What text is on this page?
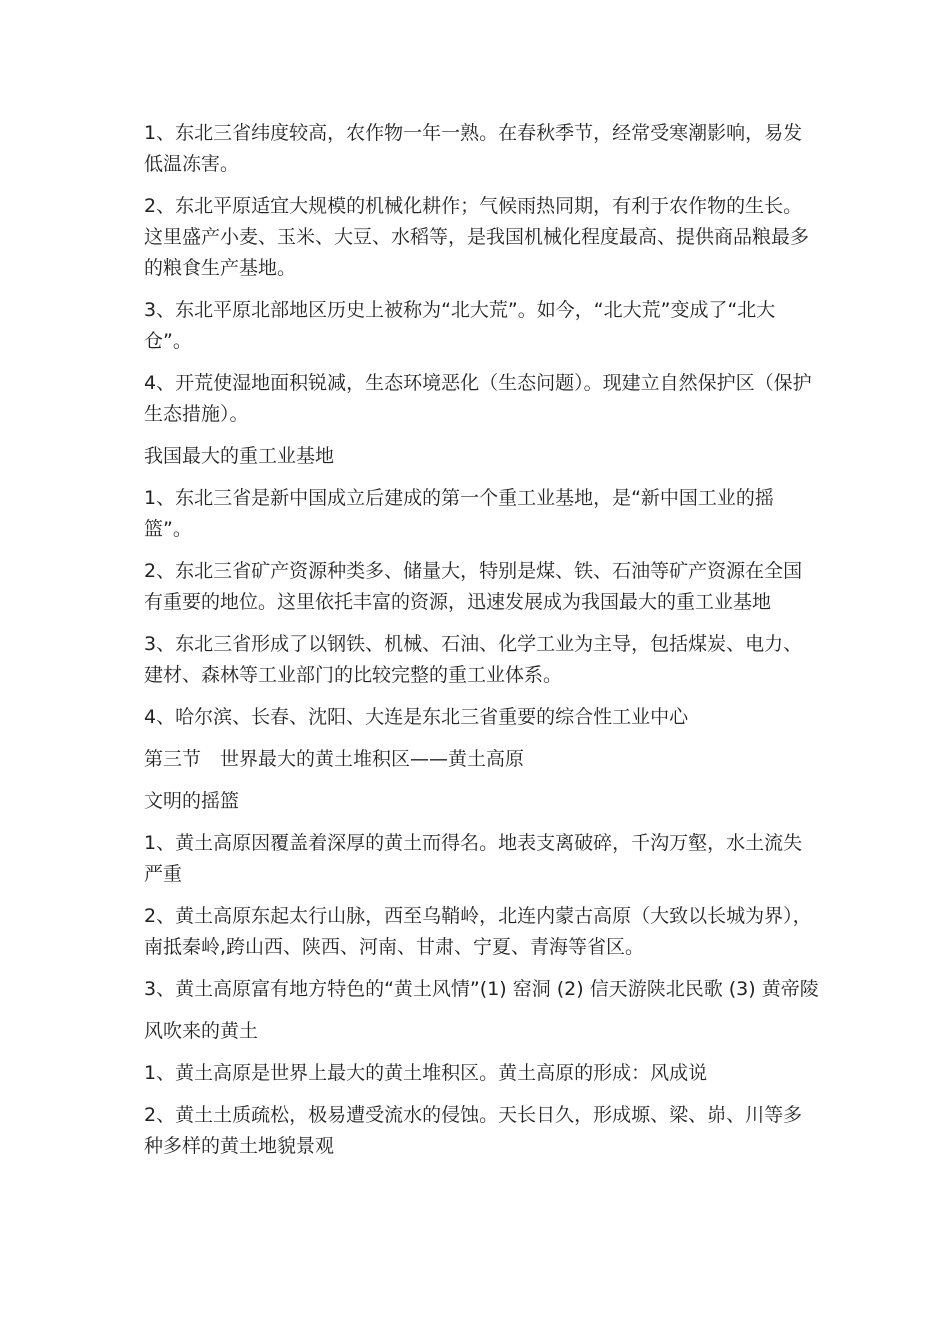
1、东北三省纬度较高，农作物一年一熟。在春秋季节，经常受寒潮影响，易发低温冻害。

2、东北平原适宜大规模的机械化耕作；气候雨热同期，有利于农作物的生长。这里盛产小麦、玉米、大豆、水稻等，是我国机械化程度最高、提供商品粮最多的粮食生产基地。

3、东北平原北部地区历史上被称为“北大荒”。如今，“北大荒”变成了“北大仓”。

4、开荒使湿地面积锐减，生态环境恶化（生态问题）。现建立自然保护区（保护生态措施）。

我国最大的重工业基地

1、东北三省是新中国成立后建成的第一个重工业基地，是“新中国工业的摇篮”。

2、东北三省矿产资源种类多、储量大，特别是煤、铁、石油等矿产资源在全国有重要的地位。这里依托丰富的资源，迅速发展成为我国最大的重工业基地

3、东北三省形成了以钢铁、机械、石油、化学工业为主导，包括煤炭、电力、建材、森林等工业部门的比较完整的重工业体系。

4、哈尔滨、长春、沈阳、大连是东北三省重要的综合性工业中心

第三节　世界最大的黄土堆积区——黄土高原

文明的摇篮

1、黄土高原因覆盖着深厚的黄土而得名。地表支离破碎，千沟万壑，水土流失严重

2、黄土高原东起太行山脉，西至乌鞘岭，北连内蒙古高原（大致以长城为界），南抵秦岭,跨山西、陕西、河南、甘肃、宁夏、青海等省区。

3、黄土高原富有地方特色的“黄土风情”(1) 窑洞 (2) 信天游陕北民歌 (3) 黄帝陵

风吹来的黄土

1、黄土高原是世界上最大的黄土堆积区。黄土高原的形成：风成说

2、黄土土质疏松，极易遭受流水的侵蚀。天长日久，形成塬、梁、峁、川等多种多样的黄土地貌景观
